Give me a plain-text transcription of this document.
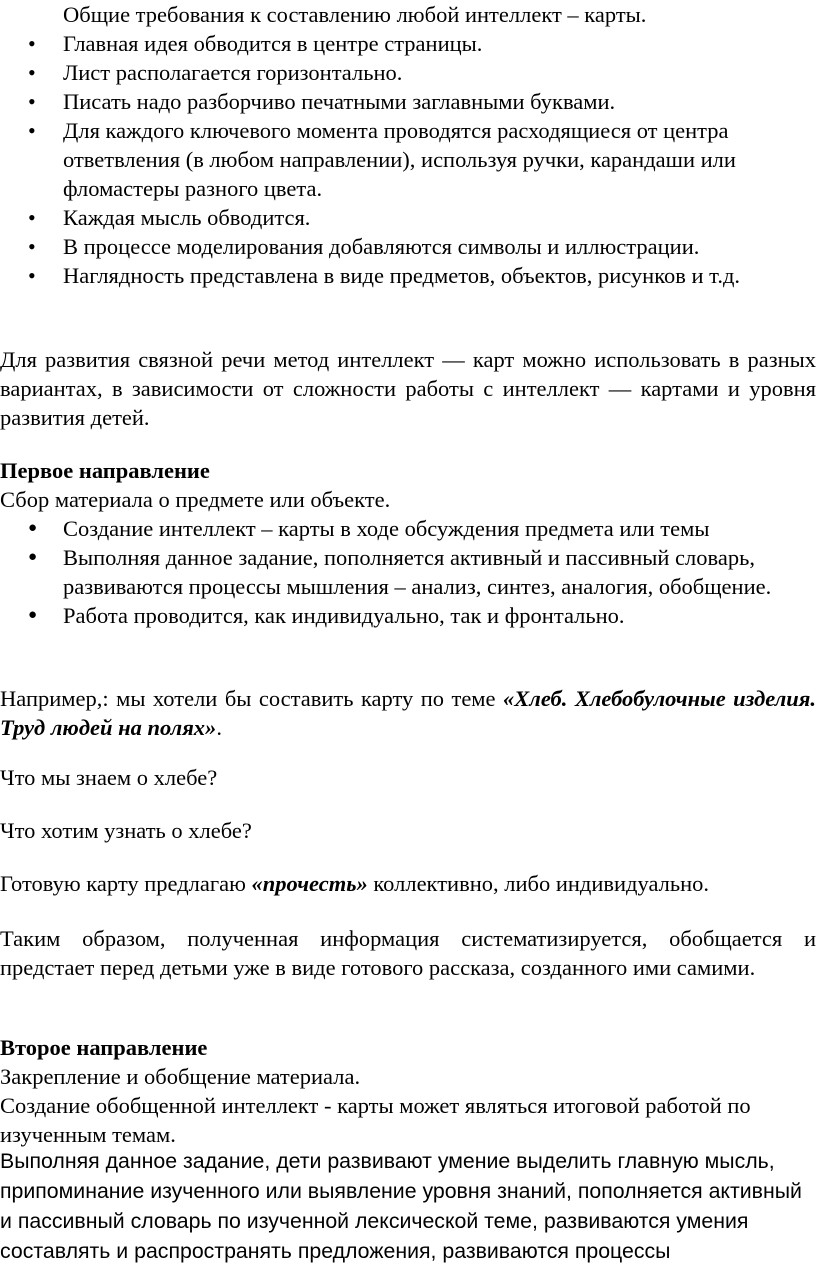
Общие требования к составлению любой интеллект – карты.

• Главная идея обводится в центре страницы.
• Лист располагается горизонтально.
• Писать надо разборчиво печатными заглавными буквами.
• Для каждого ключевого момента проводятся расходящиеся от центра ответвления (в любом направлении), используя ручки, карандаши или фломастеры разного цвета.
• Каждая мысль обводится.
• В процессе моделирования добавляются символы и иллюстрации.
• Наглядность представлена в виде предметов, объектов, рисунков и т.д.

Для развития связной речи метод интеллект — карт можно использовать в разных вариантах, в зависимости от сложности работы с интеллект — картами и уровня развития детей.

Первое направление

Сбор материала о предмете или объекте.

● Создание интеллект – карты в ходе обсуждения предмета или темы
● Выполняя данное задание, пополняется активный и пассивный словарь, развиваются процессы мышления – анализ, синтез, аналогия, обобщение.
● Работа проводится, как индивидуально, так и фронтально.

Например,: мы хотели бы составить карту по теме «Хлеб. Хлебобулочные изделия. Труд людей на полях».

Что мы знаем о хлебе?

Что хотим узнать о хлебе?

Готовую карту предлагаю «прочесть» коллективно, либо индивидуально.

Таким образом, полученная информация систематизируется, обобщается и предстает перед детьми уже в виде готового рассказа, созданного ими самими.

Второе направление

Закрепление и обобщение материала.

Создание обобщенной интеллект - карты может являться итоговой работой по изученным темам.

Выполняя данное задание, дети развивают умение выделить главную мысль, припоминание изученного или выявление уровня знаний, пополняется активный и пассивный словарь по изученной лексической теме, развиваются умения составлять и распространять предложения, развиваются процессы
